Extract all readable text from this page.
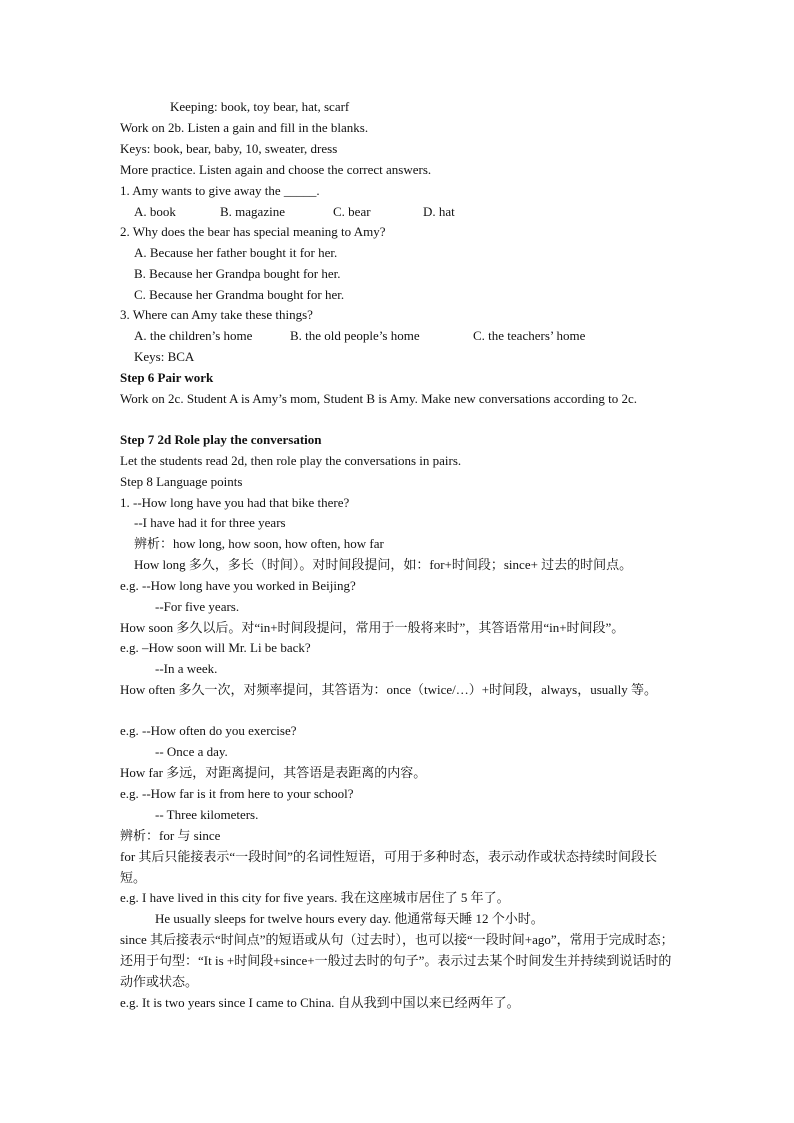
Keeping: book, toy bear, hat, scarf
Work on 2b. Listen a gain and fill in the blanks.
Keys: book, bear, baby, 10, sweater, dress
More practice. Listen again and choose the correct answers.
1. Amy wants to give away the _____.
A. book	B. magazine	C. bear	D. hat
2. Why does the bear has special meaning to Amy?
A. Because her father bought it for her.
B. Because her Grandpa bought for her.
C. Because her Grandma bought for her.
3. Where can Amy take these things?
A. the children’s home	B. the old people’s home	C. the teachers’ home
Keys: BCA
Step 6 Pair work
Work on 2c. Student A is Amy’s mom, Student B is Amy. Make new conversations according to 2c.
Step 7 2d Role play the conversation
Let the students read 2d, then role play the conversations in pairs.
Step 8 Language points
1. --How long have you had that bike there?
--I have had it for three years
辨析：how long, how soon, how often, how far
How long 多久，多长（时间）。对时间段提问，如：for+时间段；since+ 过去的时间点。
e.g. --How long have you worked in Beijing?
--For five years.
How soon 多久以后。对“in+时间段提问，常用于一般将来时”，其答语常用“in+时间段”。
e.g. –How soon will Mr. Li be back?
--In a week.
How often 多久一次，对频率提问，其答语为：once（twice/…）+时间段，always，usually 等。
e.g. --How often do you exercise?
-- Once a day.
How far 多远，对距离提问，其答语是表距离的内容。
e.g. --How far is it from here to your school?
-- Three kilometers.
辨析：for 与 since
for 其后只能接表示“一段时间”的名词性短语，可用于多种时态，表示动作或状态持续时间段长短。
e.g. I have lived in this city for five years. 我在这座城市居住了 5 年了。
He usually sleeps for twelve hours every day. 他通常每天睡 12 个小时。
since 其后接表示“时间点”的短语或从句（过去时），也可以接“一段时间+ago”，常用于完成时态；还用于句型：“It is +时间段+since+一般过去时的句子”。表示过去某个时间发生并持续到说话时的动作或状态。
e.g. It is two years since I came to China. 自从我到中国以来已经两年了。
